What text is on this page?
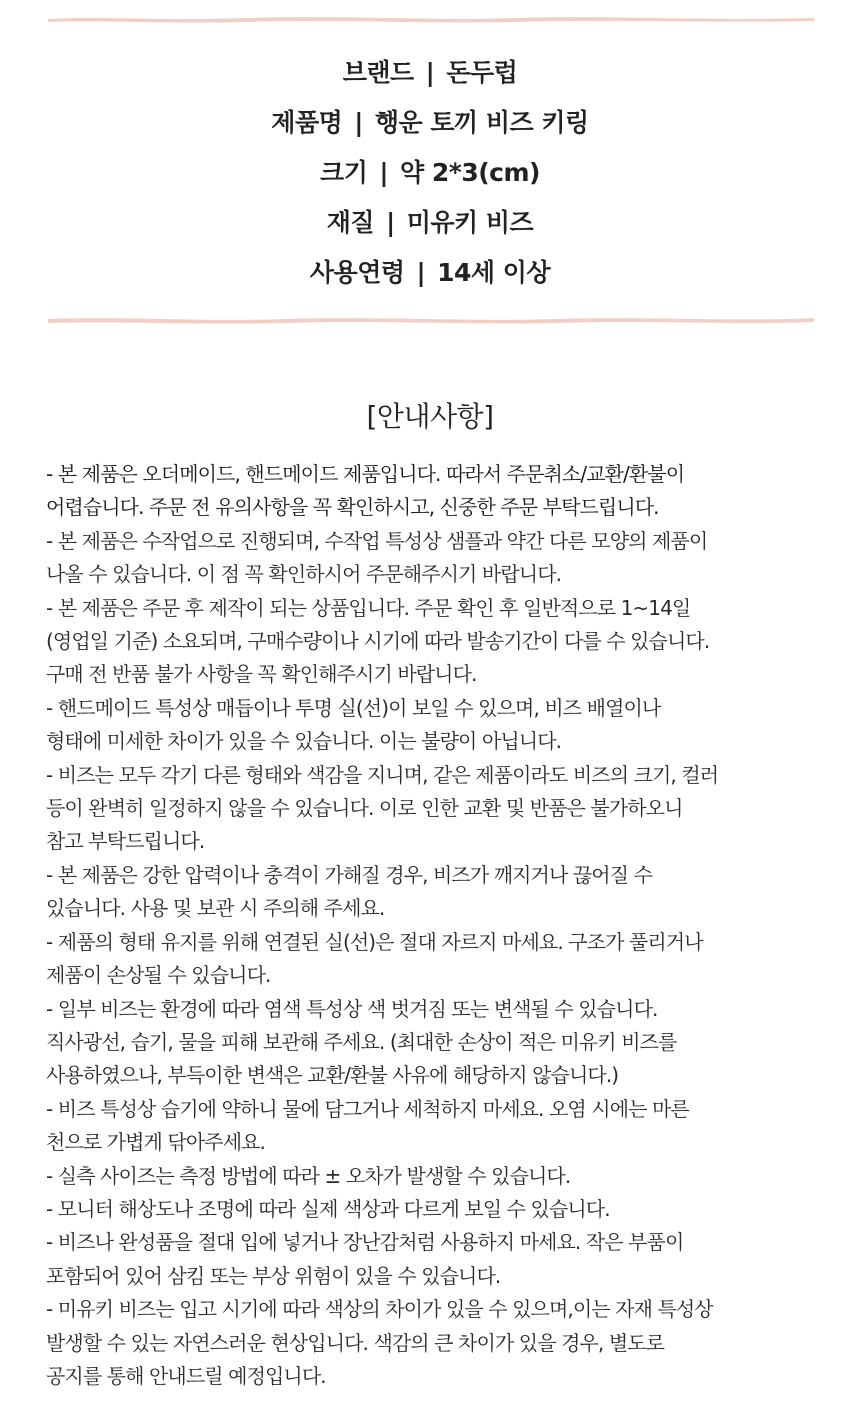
브랜드 | 돈두럽
제품명 | 행운 토끼 비즈 키링
크기 | 약 2*3(cm)
재질 | 미유키 비즈
사용연령 | 14세 이상
[안내사항]
- 본 제품은 오더메이드, 핸드메이드 제품입니다. 따라서 주문취소/교환/환불이
어렵습니다. 주문 전 유의사항을 꼭 확인하시고, 신중한 주문 부탁드립니다.
- 본 제품은 수작업으로 진행되며, 수작업 특성상 샘플과 약간 다른 모양의 제품이
나올 수 있습니다. 이 점 꼭 확인하시어 주문해주시기 바랍니다.
- 본 제품은 주문 후 제작이 되는 상품입니다. 주문 확인 후 일반적으로 1~14일
(영업일 기준) 소요되며, 구매수량이나 시기에 따라 발송기간이 다를 수 있습니다.
구매 전 반품 불가 사항을 꼭 확인해주시기 바랍니다.
- 핸드메이드 특성상 매듭이나 투명 실(선)이 보일 수 있으며, 비즈 배열이나
형태에 미세한 차이가 있을 수 있습니다. 이는 불량이 아닙니다.
- 비즈는 모두 각기 다른 형태와 색감을 지니며, 같은 제품이라도 비즈의 크기, 컬러
등이 완벽히 일정하지 않을 수 있습니다. 이로 인한 교환 및 반품은 불가하오니
참고 부탁드립니다.
- 본 제품은 강한 압력이나 충격이 가해질 경우, 비즈가 깨지거나 끊어질 수
있습니다. 사용 및 보관 시 주의해 주세요.
- 제품의 형태 유지를 위해 연결된 실(선)은 절대 자르지 마세요. 구조가 풀리거나
제품이 손상될 수 있습니다.
- 일부 비즈는 환경에 따라 염색 특성상 색 벗겨짐 또는 변색될 수 있습니다.
직사광선, 습기, 물을 피해 보관해 주세요. (최대한 손상이 적은 미유키 비즈를
사용하였으나, 부득이한 변색은 교환/환불 사유에 해당하지 않습니다.)
- 비즈 특성상 습기에 약하니 물에 담그거나 세척하지 마세요. 오염 시에는 마른
천으로 가볍게 닦아주세요.
- 실측 사이즈는 측정 방법에 따라 ± 오차가 발생할 수 있습니다.
- 모니터 해상도나 조명에 따라 실제 색상과 다르게 보일 수 있습니다.
- 비즈나 완성품을 절대 입에 넣거나 장난감처럼 사용하지 마세요. 작은 부품이
포함되어 있어 삼킴 또는 부상 위험이 있을 수 있습니다.
- 미유키 비즈는 입고 시기에 따라 색상의 차이가 있을 수 있으며,이는 자재 특성상
발생할 수 있는 자연스러운 현상입니다. 색감의 큰 차이가 있을 경우, 별도로
공지를 통해 안내드릴 예정입니다.
